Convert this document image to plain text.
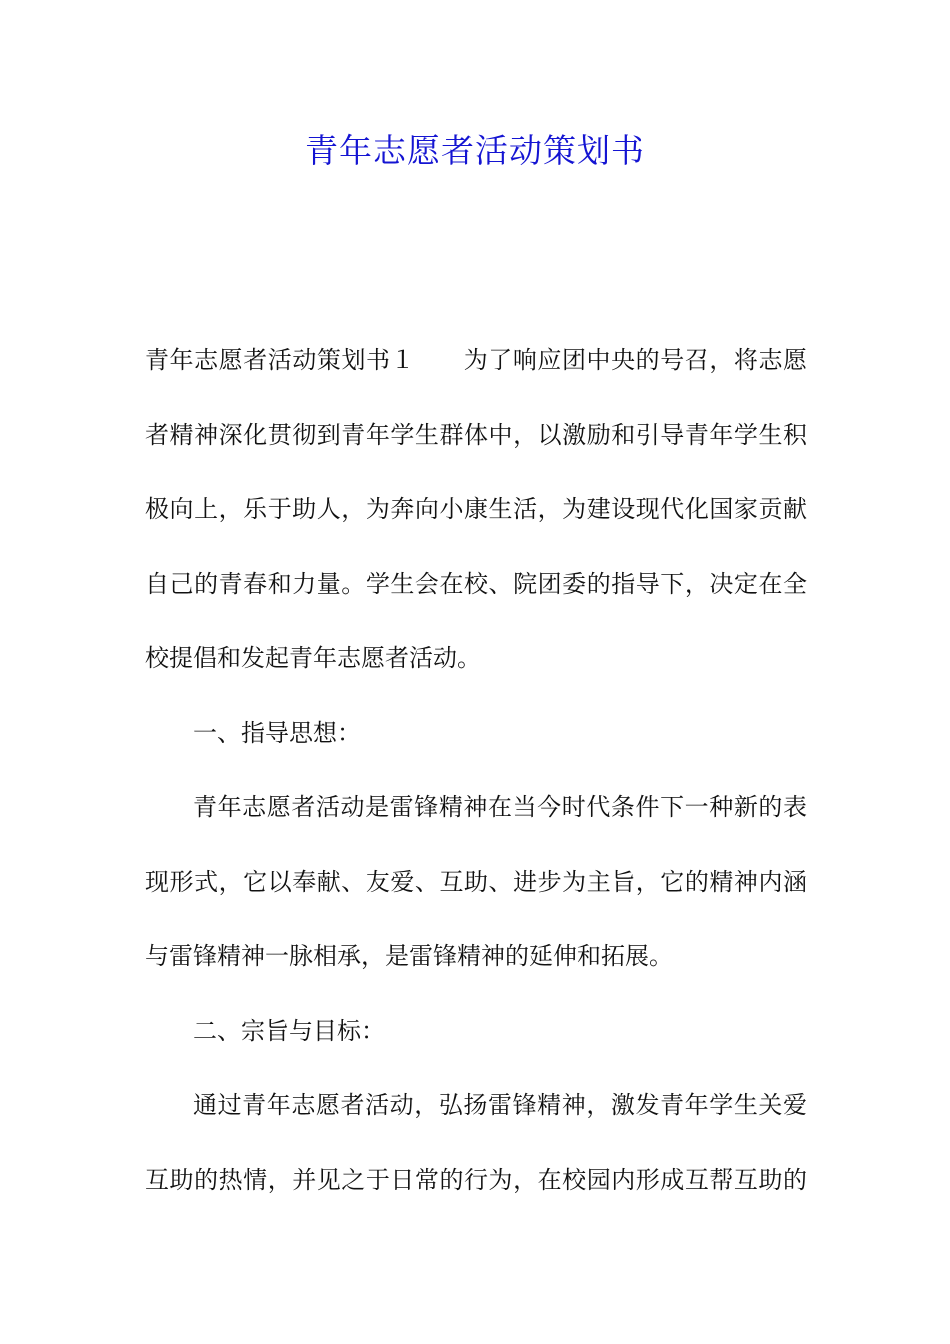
青年志愿者活动策划书
青年志愿者活动策划书１ 为了响应团中央的号召，将志愿
者精神深化贯彻到青年学生群体中，以激励和引导青年学生积
极向上，乐于助人，为奔向小康生活，为建设现代化国家贡献
自己的青春和力量。学生会在校、院团委的指导下，决定在全
校提倡和发起青年志愿者活动。
一、指导思想：
青年志愿者活动是雷锋精神在当今时代条件下一种新的表
现形式，它以奉献、友爱、互助、进步为主旨，它的精神内涵
与雷锋精神一脉相承，是雷锋精神的延伸和拓展。
二、宗旨与目标：
通过青年志愿者活动，弘扬雷锋精神，激发青年学生关爱
互助的热情，并见之于日常的行为，在校园内形成互帮互助的
